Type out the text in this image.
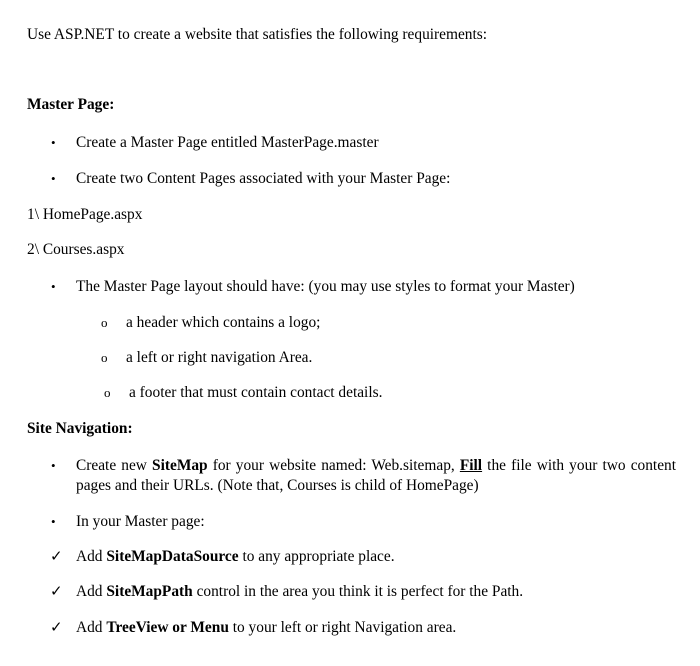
Use ASP.NET to create a website that satisfies the following requirements:
Master Page:
• Create a Master Page entitled MasterPage.master
• Create two Content Pages associated with your Master Page:
1\ HomePage.aspx
2\ Courses.aspx
• The Master Page layout should have: (you may use styles to format your Master)
o a header which contains a logo;
o a left or right navigation Area.
o a footer that must contain contact details.
Site Navigation:
• Create new SiteMap for your website named: Web.sitemap, Fill the file with your two content pages and their URLs. (Note that, Courses is child of HomePage)
• In your Master page:
✓ Add SiteMapDataSource to any appropriate place.
✓ Add SiteMapPath control in the area you think it is perfect for the Path.
✓ Add TreeView or Menu to your left or right Navigation area.
